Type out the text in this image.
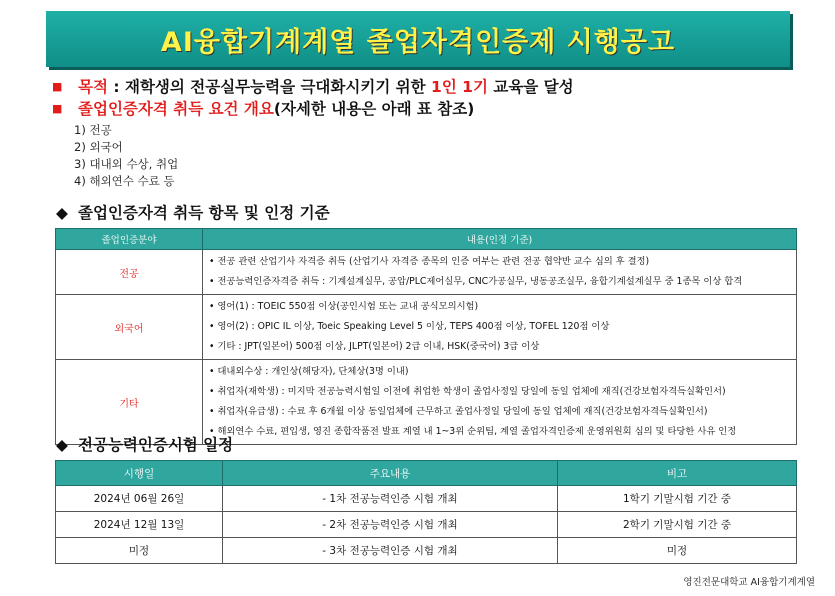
AI융합기계계열 졸업자격인증제 시행공고
■ 목적 : 재학생의 전공실무능력을 극대화시키기 위한 1인 1기 교육을 달성
■ 졸업인증자격 취득 요건 개요(자세한 내용은 아래 표 참조)
1) 전공
2) 외국어
3) 대내외 수상, 취업
4) 해외연수 수료 등
◆ 졸업인증자격 취득 항목 및 인정 기준
졸업인증분야	내용(인정 기준)
전공	• 전공 관련 산업기사 자격증 취득 (산업기사 자격증 종목의 인증 여부는 관련 전공 협약반 교수 심의 후 결정)
• 전공능력인증자격증 취득 : 기계설계실무, 공압/PLC제어실무, CNC가공실무, 냉동공조실무, 융합기계설계실무 중 1종목 이상 합격

외국어	• 영어(1) : TOEIC 550점 이상(공인시험 또는 교내 공식모의시험)
• 영어(2) : OPIC IL 이상, Toeic Speaking Level 5 이상, TEPS 400점 이상, TOFEL 120점 이상
• 기타 : JPT(일본어) 500점 이상, JLPT(일본어) 2급 이내, HSK(중국어) 3급 이상

기타	• 대내외수상 : 개인상(해당자), 단체상(3명 이내)
• 취업자(재학생) : 미지막 전공능력시험일 이전에 취업한 학생이 졸업사정일 당일에 동일 업체에 재직(건강보험자격득실확인서)
• 취업자(유급생) : 수료 후 6개월 이상 동일업체에 근무하고 졸업사정일 당일에 동일 업체에 재직(건강보험자격득실확인서)
• 해외연수 수료, 편입생, 영진 종합작품전 발표 계열 내 1~3위 순위팀, 계열 졸업자격인증제 운영위원회 심의 및 타당한 사유 인정
◆ 전공능력인증시험 일정
시행일	주요내용	비고
2024년 06월 26일	- 1차 전공능력인증 시험 개최	1학기 기말시험 기간 중
2024년 12월 13일	- 2차 전공능력인증 시험 개최	2학기 기말시험 기간 중
미정	- 3차 전공능력인증 시험 개최	미정
영진전문대학교 AI융합기계계열
